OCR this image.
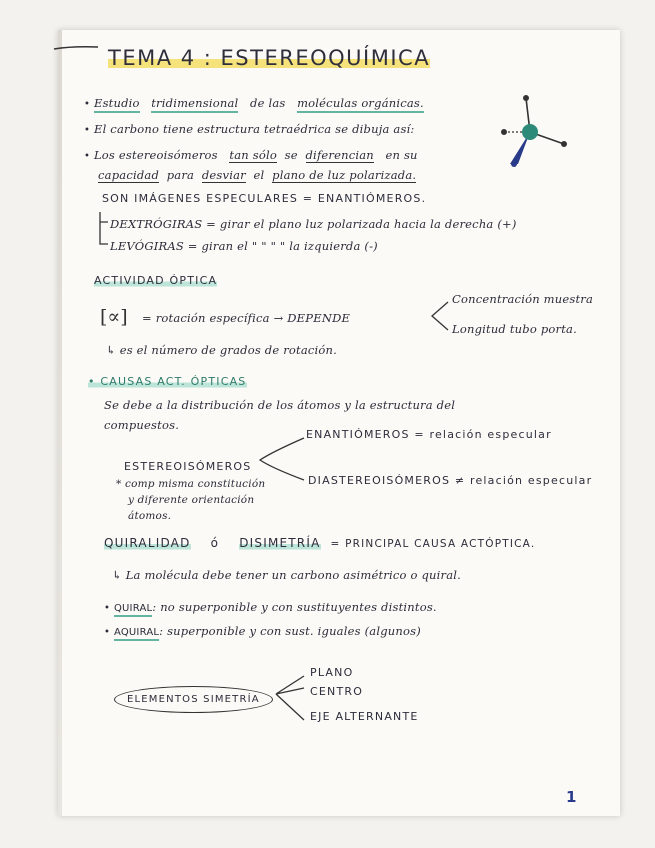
TEMA 4 : ESTEREOQUÍMICA
• Estudio tridimensional de las moléculas orgánicas.
• El carbono tiene estructura tetraédrica se dibuja así:
• Los estereoisómeros tan sólo se diferencian en su
capacidad para desviar el plano de luz polarizada.
SON IMÁGENES ESPECULARES = ENANTIÓMEROS.
DEXTRÓGIRAS = girar el plano luz polarizada hacia la derecha (+)
LEVÓGIRAS = giran el " " " " la izquierda (-)
ACTIVIDAD ÓPTICA
[∝] = rotación específica → DEPENDE
Concentración muestra
Longitud tubo porta.
↳ es el número de grados de rotación.
• CAUSAS ACT. ÓPTICAS
Se debe a la distribución de los átomos y la estructura del
compuestos.
ENANTIÓMEROS = relación especular
ESTEREOISÓMEROS
DIASTEREOISÓMEROS ≠ relación especular
* comp misma constitución
y diferente orientación
átomos.
QUIRALIDAD ó DISIMETRÍA = PRINCIPAL CAUSA ACTÓPTICA.
↳ La molécula debe tener un carbono asimétrico o quiral.
• QUIRAL: no superponible y con sustituyentes distintos.
• AQUIRAL: superponible y con sust. iguales (algunos)
ELEMENTOS SIMETRÍA
PLANO
CENTRO
EJE ALTERNANTE
1
